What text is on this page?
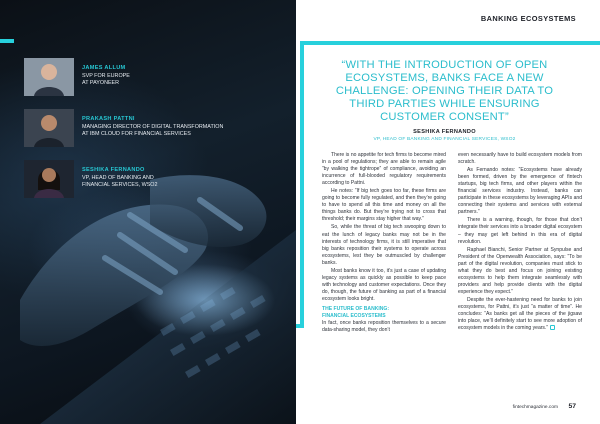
JAMES ALLUM
SVP FOR EUROPE
AT PAYONEER
PRAKASH PATTNI
MANAGING DIRECTOR OF DIGITAL TRANSFORMATION
AT IBM CLOUD FOR FINANCIAL SERVICES
SESHIKA FERNANDO
VP, HEAD OF BANKING AND
FINANCIAL SERVICES, WSO2
BANKING ECOSYSTEMS
“WITH THE INTRODUCTION OF OPEN ECOSYSTEMS, BANKS FACE A NEW CHALLENGE: OPENING THEIR DATA TO THIRD PARTIES WHILE ENSURING CUSTOMER CONSENT”
SESHIKA FERNANDO
VP, HEAD OF BANKING AND FINANCIAL SERVICES, WSO2

There is no appetite for tech firms to become mired in a pool of regulations; they are able to remain agile “by walking the tightrope” of compliance, avoiding an incurrence of full-blooded regulatory requirements according to Pattni.

He notes: “If big tech goes too far, these firms are going to become fully regulated, and then they’re going to have to spend all this time and money on all the things banks do. But they’re trying not to cross that threshold; their margins stay higher that way.”

So, while the threat of big tech swooping down to eat the lunch of legacy banks may not be in the interests of technology firms, it is still imperative that big banks reposition their systems to operate across ecosystems, lest they be outmuscled by challenger banks.

Most banks know it too, it’s just a case of updating legacy systems as quickly as possible to keep pace with technology and customer expectations. Once they do, though, the future of banking as part of a financial ecosystem looks bright.

THE FUTURE OF BANKING:
FINANCIAL ECOSYSTEMS

In fact, once banks reposition themselves to a secure data-sharing model, they don’t

even necessarily have to build ecosystem models from scratch.

As Fernando notes: “Ecosystems have already been formed, driven by the emergence of fintech startups, big tech firms, and other players within the financial services industry. Instead, banks can participate in these ecosystems by leveraging APIs and connecting their systems and services with external partners.”

There is a warning, though, for those that don’t integrate their services into a broader digital ecosystem – they may get left behind in this era of digital revolution.

Raphael Bianchi, Senior Partner at Synpulse and President of the Openwealth Association, says: “To be part of the digital revolution, companies must stick to what they do best and focus on joining existing ecosystems to help them integrate seamlessly with providers and help provide clients with the digital experience they expect.”

Despite the ever-hastening need for banks to join ecosystems, for Pattni, it’s just “a matter of time”. He concludes: “As banks get all the pieces of the jigsaw into place, we’ll definitely start to see more adoption of ecosystem models in the coming years.”

fintechmagazine.com 57
